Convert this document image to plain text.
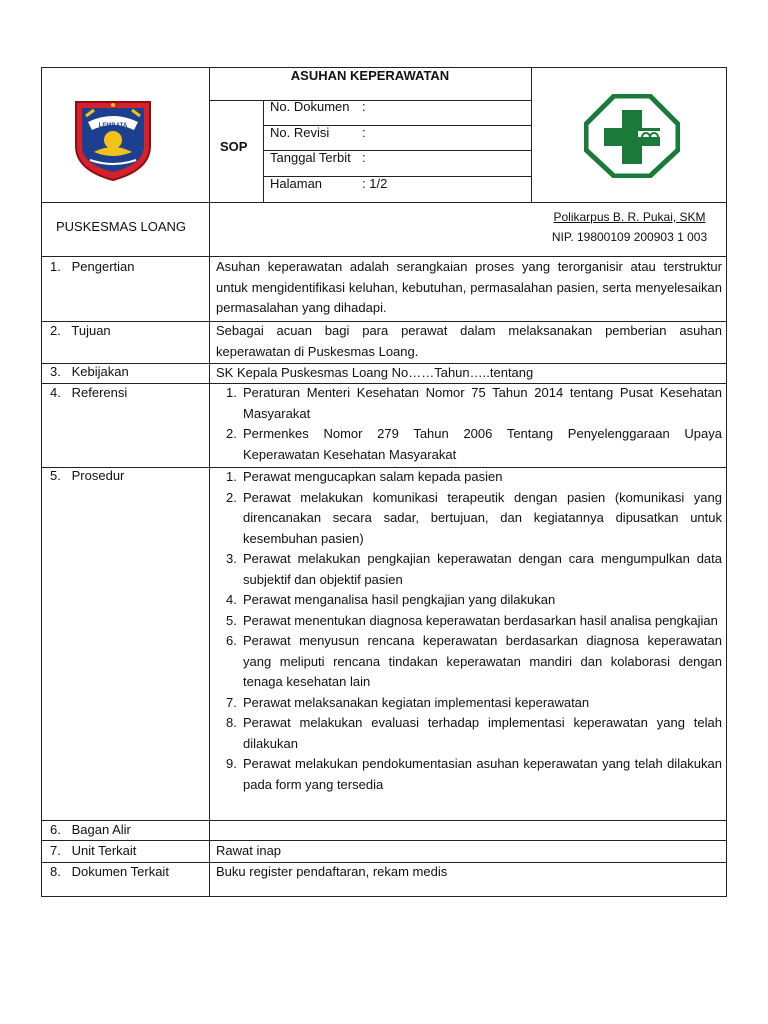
ASUHAN KEPERAWATAN
SOP
No. Dokumen :
No. Revisi	:
Tanggal Terbit :
Halaman	: 1/2
PUSKESMAS LOANG
Polikarpus B. R. Pukai, SKM
NIP. 19800109 200903 1 003
LEMBATA
1. Pengertian	Asuhan keperawatan adalah serangkaian proses yang terorganisir atau terstruktur untuk mengidentifikasi keluhan, kebutuhan, permasalahan pasien, serta menyelesaikan permasalahan yang dihadapi.

2. Tujuan	Sebagai acuan bagi para perawat dalam melaksanakan pemberian asuhan keperawatan di Puskesmas Loang.

3. Kebijakan	SK Kepala Puskesmas Loang No……Tahun…..tentang

4. Referensi	1. Peraturan Menteri Kesehatan Nomor 75 Tahun 2014 tentang Pusat Kesehatan Masyarakat
2. Permenkes Nomor 279 Tahun 2006 Tentang Penyelenggaraan Upaya Keperawatan Kesehatan Masyarakat
5. Prosedur	1. Perawat mengucapkan salam kepada pasien
2. Perawat melakukan komunikasi terapeutik dengan pasien (komunikasi yang direncanakan secara sadar, bertujuan, dan kegiatannya dipusatkan untuk kesembuhan pasien)
3. Perawat melakukan pengkajian keperawatan dengan cara mengumpulkan data subjektif dan objektif pasien
4. Perawat menganalisa hasil pengkajian yang dilakukan
5. Perawat menentukan diagnosa keperawatan berdasarkan hasil analisa pengkajian
6. Perawat menyusun rencana keperawatan berdasarkan diagnosa keperawatan yang meliputi rencana tindakan keperawatan mandiri dan kolaborasi dengan tenaga kesehatan lain
7. Perawat melaksanakan kegiatan implementasi keperawatan
8. Perawat melakukan evaluasi terhadap implementasi keperawatan yang telah dilakukan
9. Perawat melakukan pendokumentasian asuhan keperawatan yang telah dilakukan pada form yang tersedia
6. Bagan Alir

7. Unit Terkait	Rawat inap

8. Dokumen Terkait	Buku register pendaftaran, rekam medis
